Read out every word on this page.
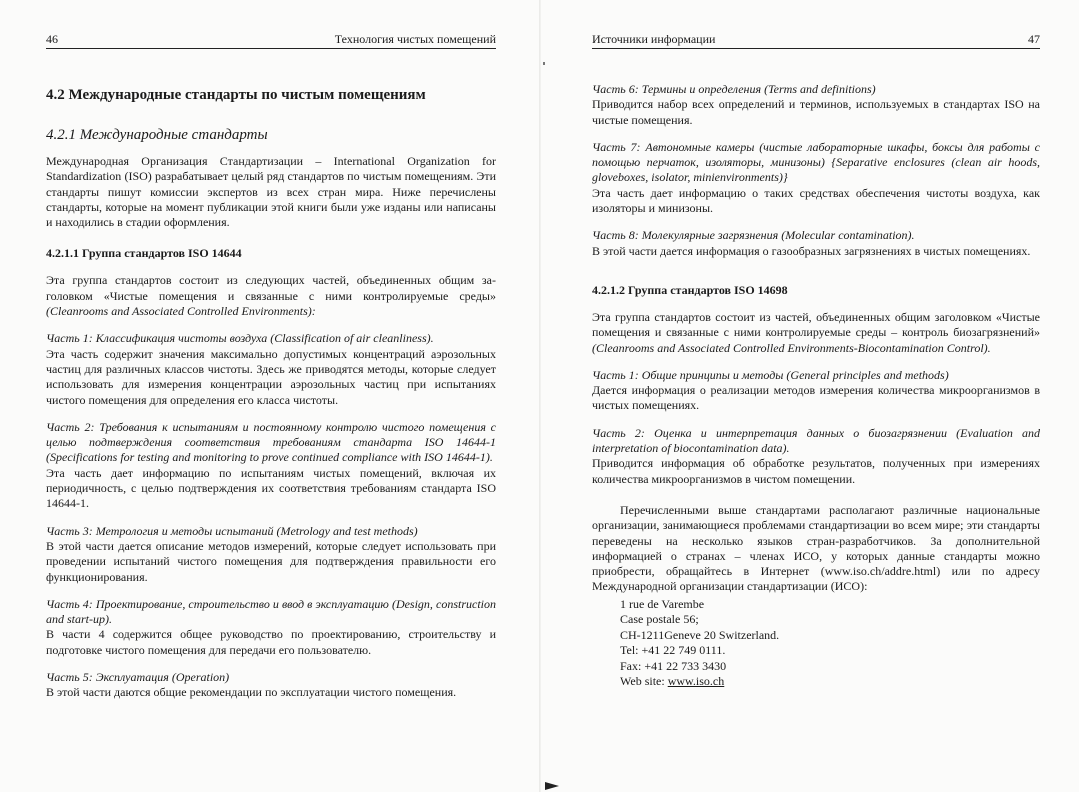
46	Технология чистых помещений
4.2 Международные стандарты по чистым помещениям
4.2.1 Международные стандарты

Международная Организация Стандартизации – International Organization for Standardization (ISO) разрабатывает целый ряд стандартов по чистым помещениям. Эти стандарты пишут комиссии экспертов из всех стран мира. Ниже перечислены стандарты, которые на момент публикации этой книги были уже изданы или написаны и находились в стадии оформления.

4.2.1.1 Группа стандартов ISO 14644

Эта группа стандартов состоит из следующих частей, объединенных общим заголовком «Чистые помещения и связанные с ними контролируемые среды» (Cleanrooms and Associated Controlled Environments):

Часть 1: Классификация чистоты воздуха (Classification of air cleanliness).

Эта часть содержит значения максимально допустимых концентраций аэрозольных частиц для различных классов чистоты. Здесь же приводятся методы, которые следует использовать для измерения концентрации аэрозольных частиц при испытаниях чистого помещения для определения его класса чистоты.

Часть 2: Требования к испытаниям и постоянному контролю чистого помещения с целью подтверждения соответствия требованиям стандарта ISO 14644-1 (Specifications for testing and monitoring to prove continued compliance with ISO 14644-1).

Эта часть дает информацию по испытаниям чистых помещений, включая их периодичность, с целью подтверждения их соответствия требованиям стандарта ISO 14644-1.

Часть 3: Метрология и методы испытаний (Metrology and test methods)

В этой части дается описание методов измерений, которые следует использовать при проведении испытаний чистого помещения для подтверждения правильности его функционирования.

Часть 4: Проектирование, строительство и ввод в эксплуатацию (Design, construction and start-up).

В части 4 содержится общее руководство по проектированию, строительству и подготовке чистого помещения для передачи его пользователю.

Часть 5: Эксплуатация (Operation)

В этой части даются общие рекомендации по эксплуатации чистого помещения.

Источники информации	47

Часть 6: Термины и определения (Terms and definitions)

Приводится набор всех определений и терминов, используемых в стандартах ISO на чистые помещения.

Часть 7: Автономные камеры (чистые лабораторные шкафы, боксы для работы с помощью перчаток, изоляторы, минизоны) {Separative enclosures (clean air hoods, gloveboxes, isolator, minienvironments)}

Эта часть дает информацию о таких средствах обеспечения чистоты воздуха, как изоляторы и минизоны.

Часть 8: Молекулярные загрязнения (Molecular contamination).

В этой части дается информация о газообразных загрязнениях в чистых помещениях.

4.2.1.2 Группа стандартов ISO 14698

Эта группа стандартов состоит из частей, объединенных общим заголовком «Чистые помещения и связанные с ними контролируемые среды – контроль биозагрязнений» (Cleanrooms and Associated Controlled Environments-Biocontamination Control).

Часть 1: Общие принципы и методы (General principles and methods)

Дается информация о реализации методов измерения количества микроорганизмов в чистых помещениях.

Часть 2: Оценка и интерпретация данных о биозагрязнении (Evaluation and interpretation of biocontamination data).

Приводится информация об обработке результатов, полученных при измерениях количества микроорганизмов в чистом помещении.

Перечисленными выше стандартами располагают различные национальные организации, занимающиеся проблемами стандартизации во всем мире; эти стандарты переведены на несколько языков стран-разработчиков. За дополнительной информацией о странах – членах ИСО, у которых данные стандарты можно приобрести, обращайтесь в Интернет (www.iso.ch/addre.html) или по адресу Международной организации стандартизации (ИСО):

1 rue de Varembe
Case postale 56;
CH-1211Geneve 20 Switzerland.
Tel: +41 22 749 0111.
Fax: +41 22 733 3430
Web site: www.iso.ch
